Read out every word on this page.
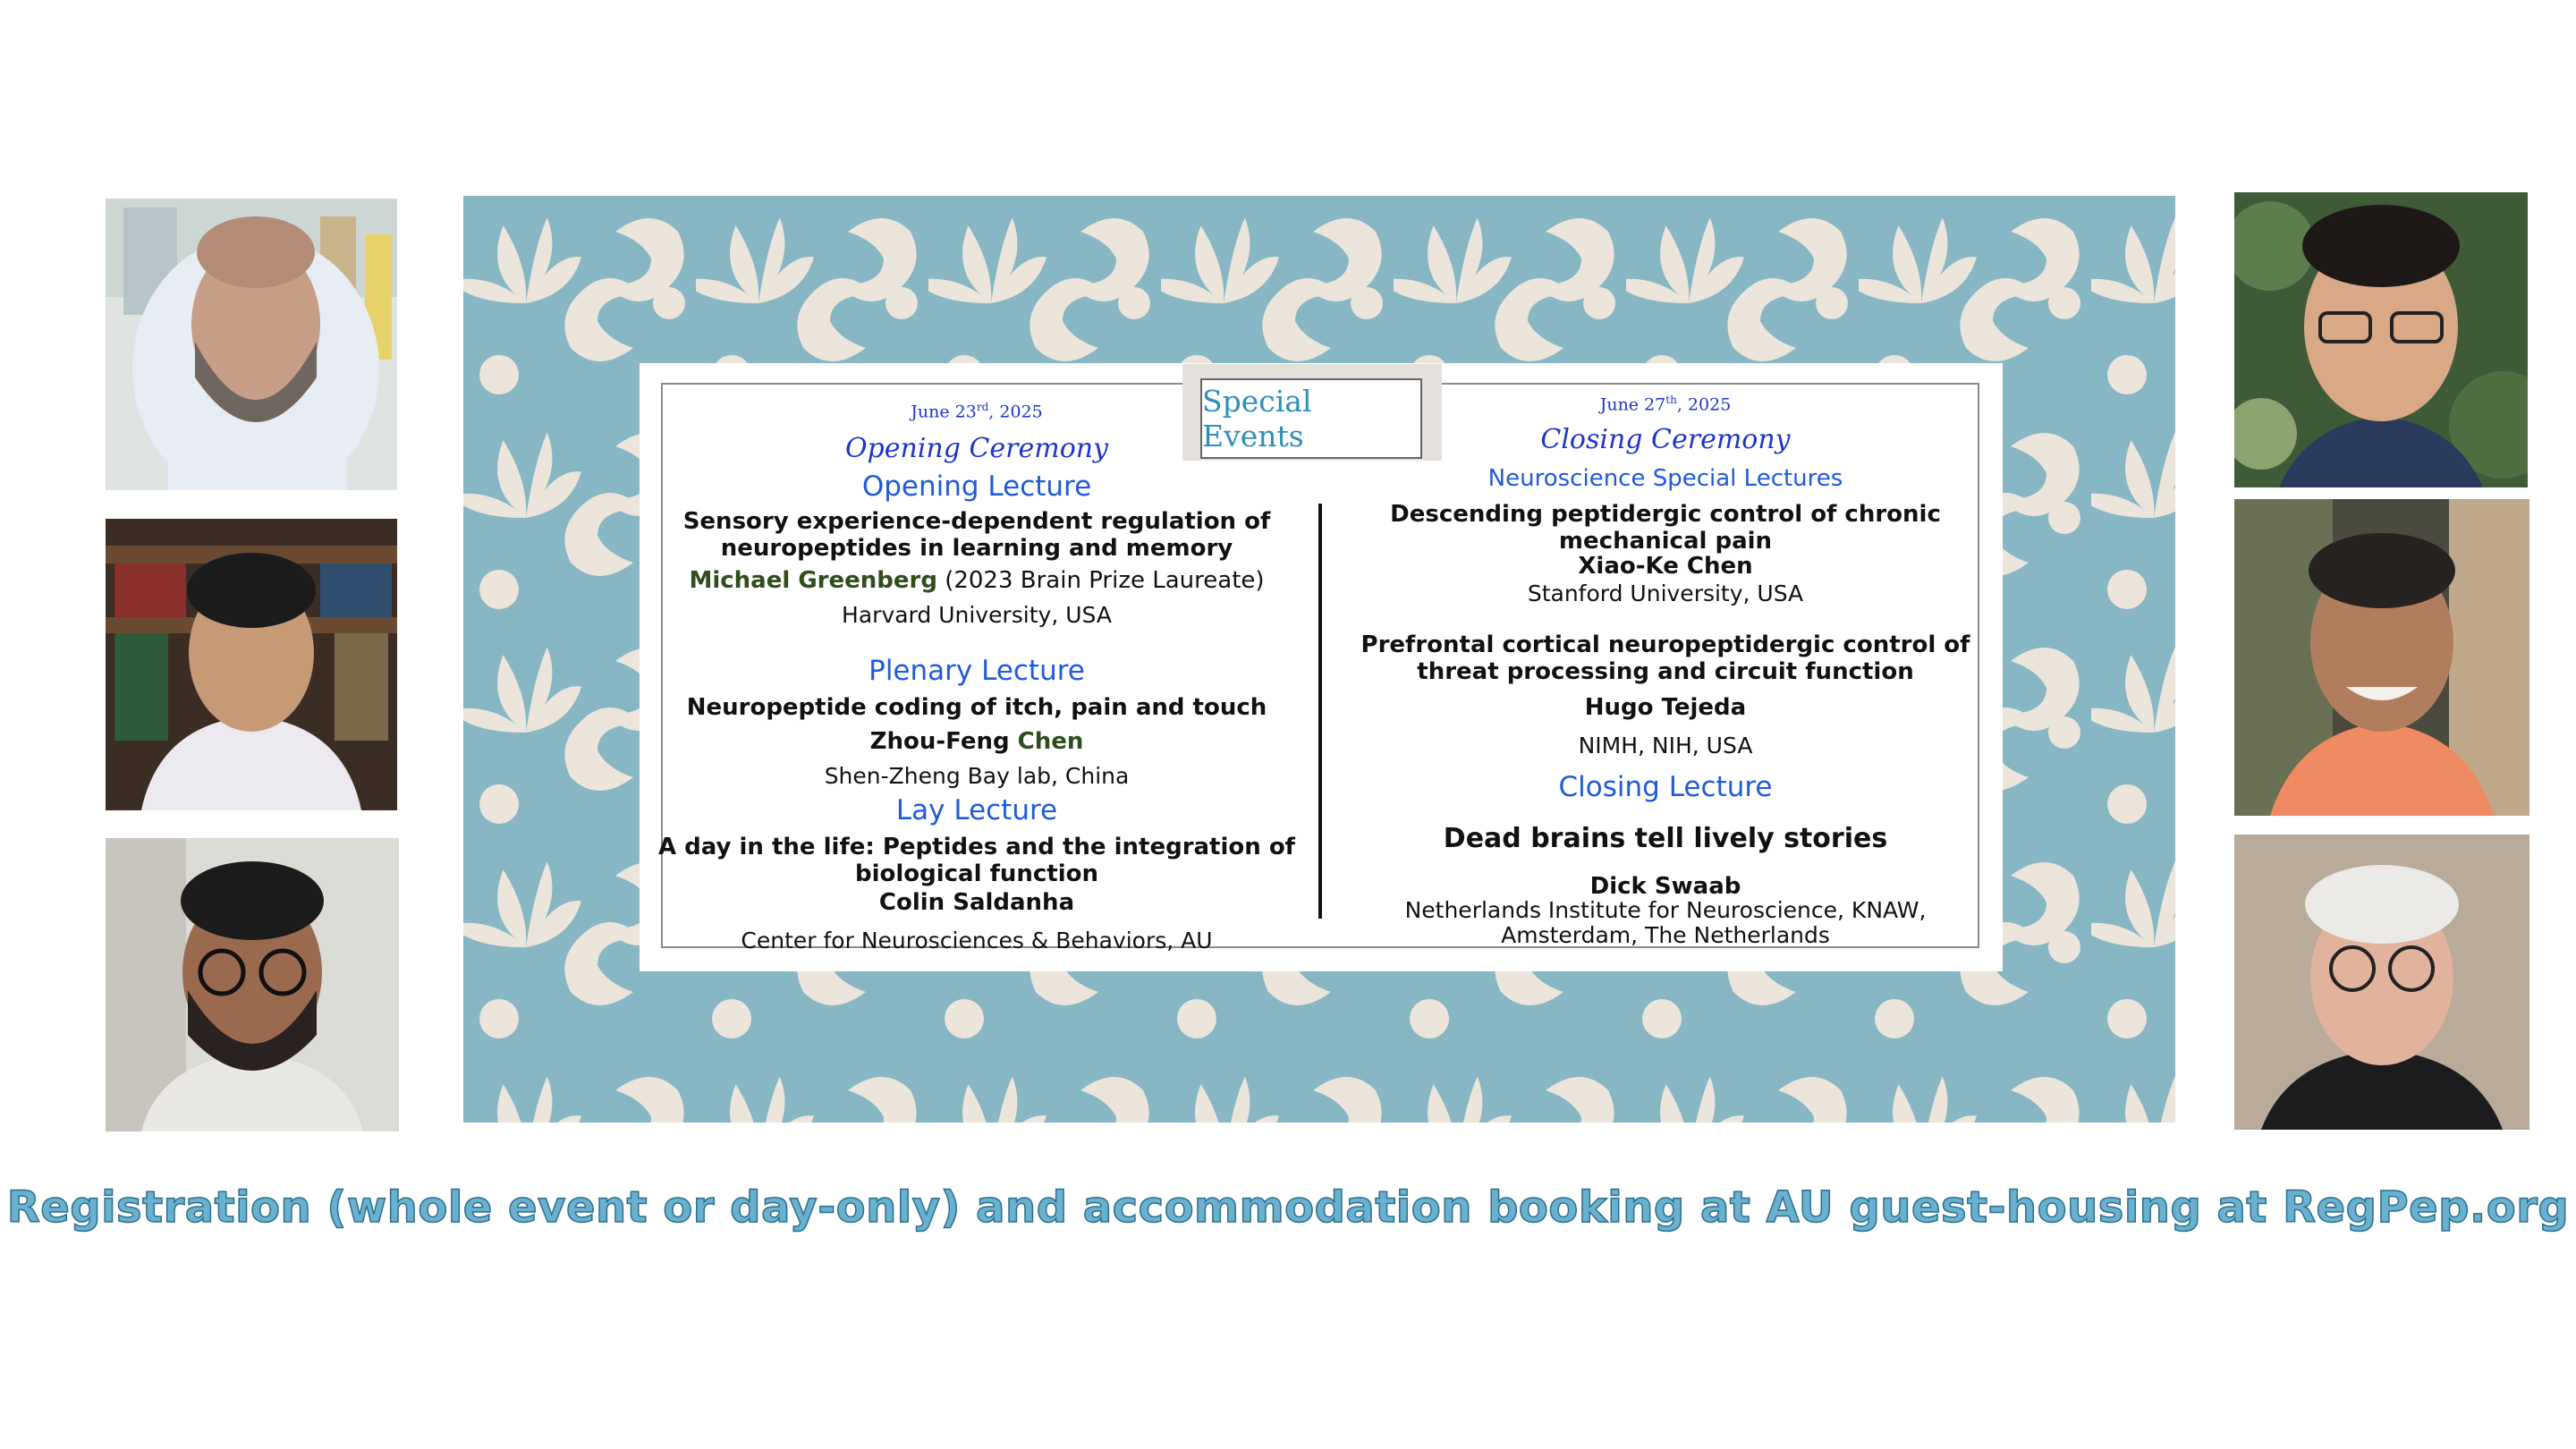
Special Events
June 23rd, 2025
Opening Ceremony
Opening Lecture
Sensory experience-dependent regulation of
neuropeptides in learning and memory
Michael Greenberg (2023 Brain Prize Laureate)
Harvard University, USA
Plenary Lecture
Neuropeptide coding of itch, pain and touch
Zhou-Feng Chen
Shen-Zheng Bay lab, China
Lay Lecture
A day in the life: Peptides and the integration of
biological function
Colin Saldanha
Center for Neurosciences & Behaviors, AU
June 27th, 2025
Closing Ceremony
Neuroscience Special Lectures
Descending peptidergic control of chronic
mechanical pain
Xiao-Ke Chen
Stanford University, USA
Prefrontal cortical neuropeptidergic control of
threat processing and circuit function
Hugo Tejeda
NIMH, NIH, USA
Closing Lecture
Dead brains tell lively stories
Dick Swaab
Netherlands Institute for Neuroscience, KNAW,
Amsterdam, The Netherlands
Registration (whole event or day-only) and accommodation booking at AU guest-housing at RegPep.org
